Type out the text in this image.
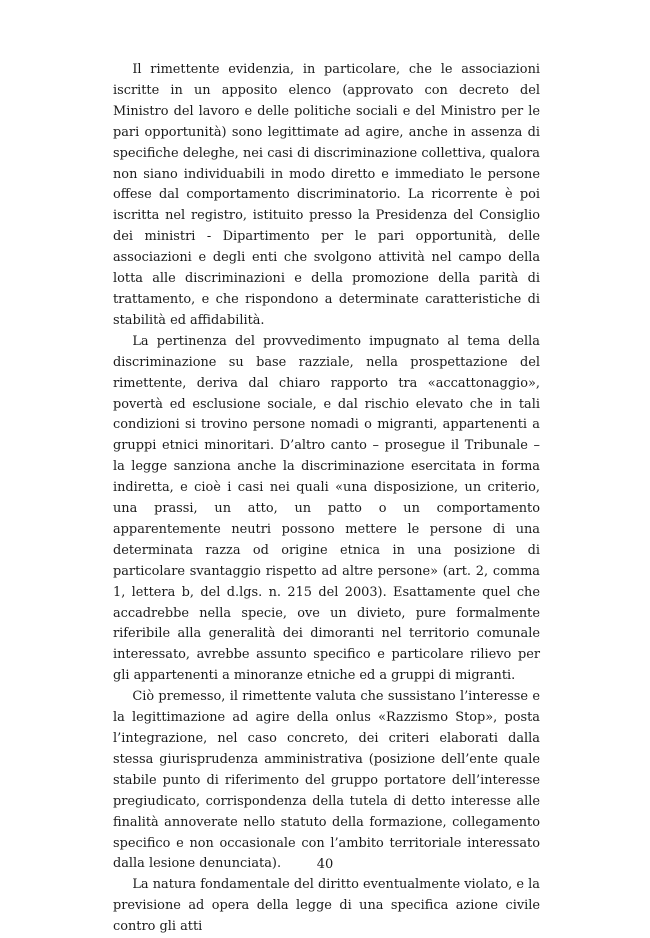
Il rimettente evidenzia, in particolare, che le associazioni iscritte in un apposito elenco (approvato con decreto del Ministro del lavoro e delle politiche sociali e del Ministro per le pari opportunità) sono legittimate ad agire, anche in assenza di specifiche deleghe, nei casi di discriminazione collettiva, qualora non siano individuabili in modo diretto e immediato le persone offese dal comportamento discriminatorio. La ricorrente è poi iscritta nel registro, istituito presso la Presidenza del Consiglio dei ministri - Dipartimento per le pari opportunità, delle associazioni e degli enti che svolgono attività nel campo della lotta alle discriminazioni e della promozione della parità di trattamento, e che rispondono a determinate caratteristiche di stabilità ed affidabilità.

La pertinenza del provvedimento impugnato al tema della discriminazione su base razziale, nella prospettazione del rimettente, deriva dal chiaro rapporto tra «accattonaggio», povertà ed esclusione sociale, e dal rischio elevato che in tali condizioni si trovino persone nomadi o migranti, appartenenti a gruppi etnici minoritari. D’altro canto – prosegue il Tribunale – la legge sanziona anche la discriminazione esercitata in forma indiretta, e cioè i casi nei quali «una disposizione, un criterio, una prassi, un atto, un patto o un comportamento apparentemente neutri possono mettere le persone di una determinata razza od origine etnica in una posizione di particolare svantaggio rispetto ad altre persone» (art. 2, comma 1, lettera b, del d.lgs. n. 215 del 2003). Esattamente quel che accadrebbe nella specie, ove un divieto, pure formalmente riferibile alla generalità dei dimoranti nel territorio comunale interessato, avrebbe assunto specifico e particolare rilievo per gli appartenenti a minoranze etniche ed a gruppi di migranti.

Ciò premesso, il rimettente valuta che sussistano l’interesse e la legittimazione ad agire della onlus «Razzismo Stop», posta l’integrazione, nel caso concreto, dei criteri elaborati dalla stessa giurisprudenza amministrativa (posizione dell’ente quale stabile punto di riferimento del gruppo portatore dell’interesse pregiudicato, corrispondenza della tutela di detto interesse alle finalità annoverate nello statuto della formazione, collegamento specifico e non occasionale con l’ambito territoriale interessato dalla lesione denunciata).

La natura fondamentale del diritto eventualmente violato, e la previsione ad opera della legge di una specifica azione civile contro gli atti

40
